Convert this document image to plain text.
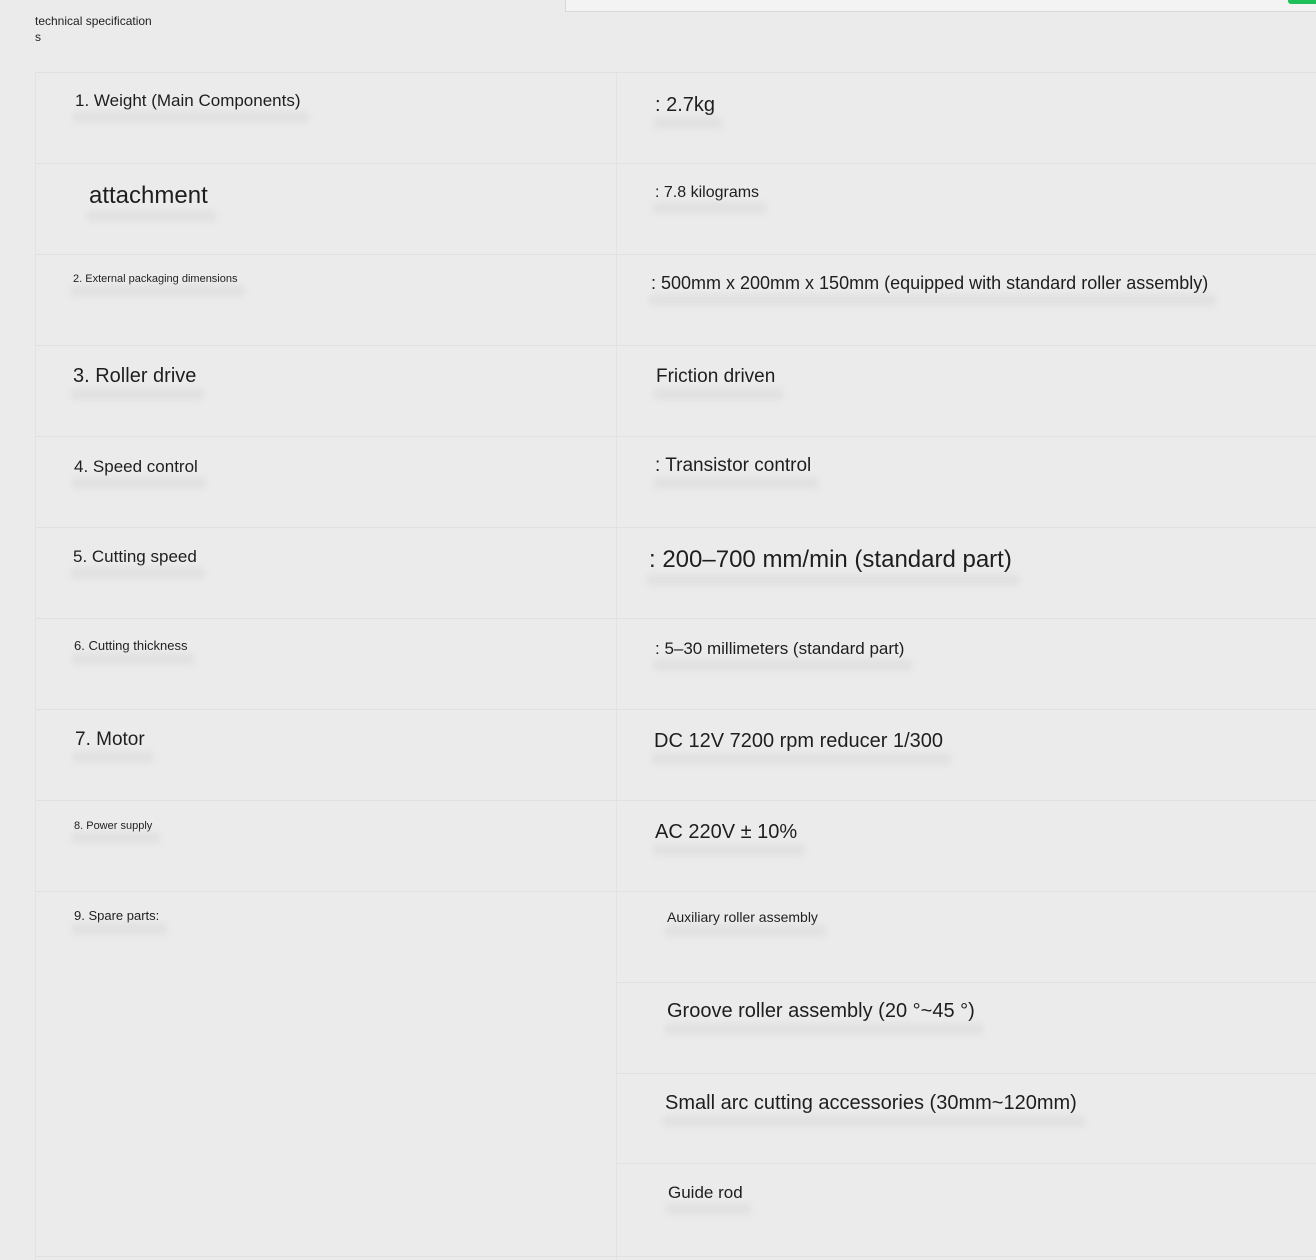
technical specifications
1. Weight (Main Components)	: 2.7kg
attachment	: 7.8 kilograms
2. External packaging dimensions	: 500mm x 200mm x 150mm (equipped with standard roller assembly)
3. Roller drive	Friction driven
4. Speed control	: Transistor control
5. Cutting speed	: 200–700 mm/min (standard part)
6. Cutting thickness	: 5–30 millimeters (standard part)
7. Motor	DC 12V 7200 rpm reducer 1/300
8. Power supply	AC 220V ± 10%
9. Spare parts:	Auxiliary roller assembly
Groove roller assembly (20 °~45 °)
Small arc cutting accessories (30mm~120mm)
Guide rod
